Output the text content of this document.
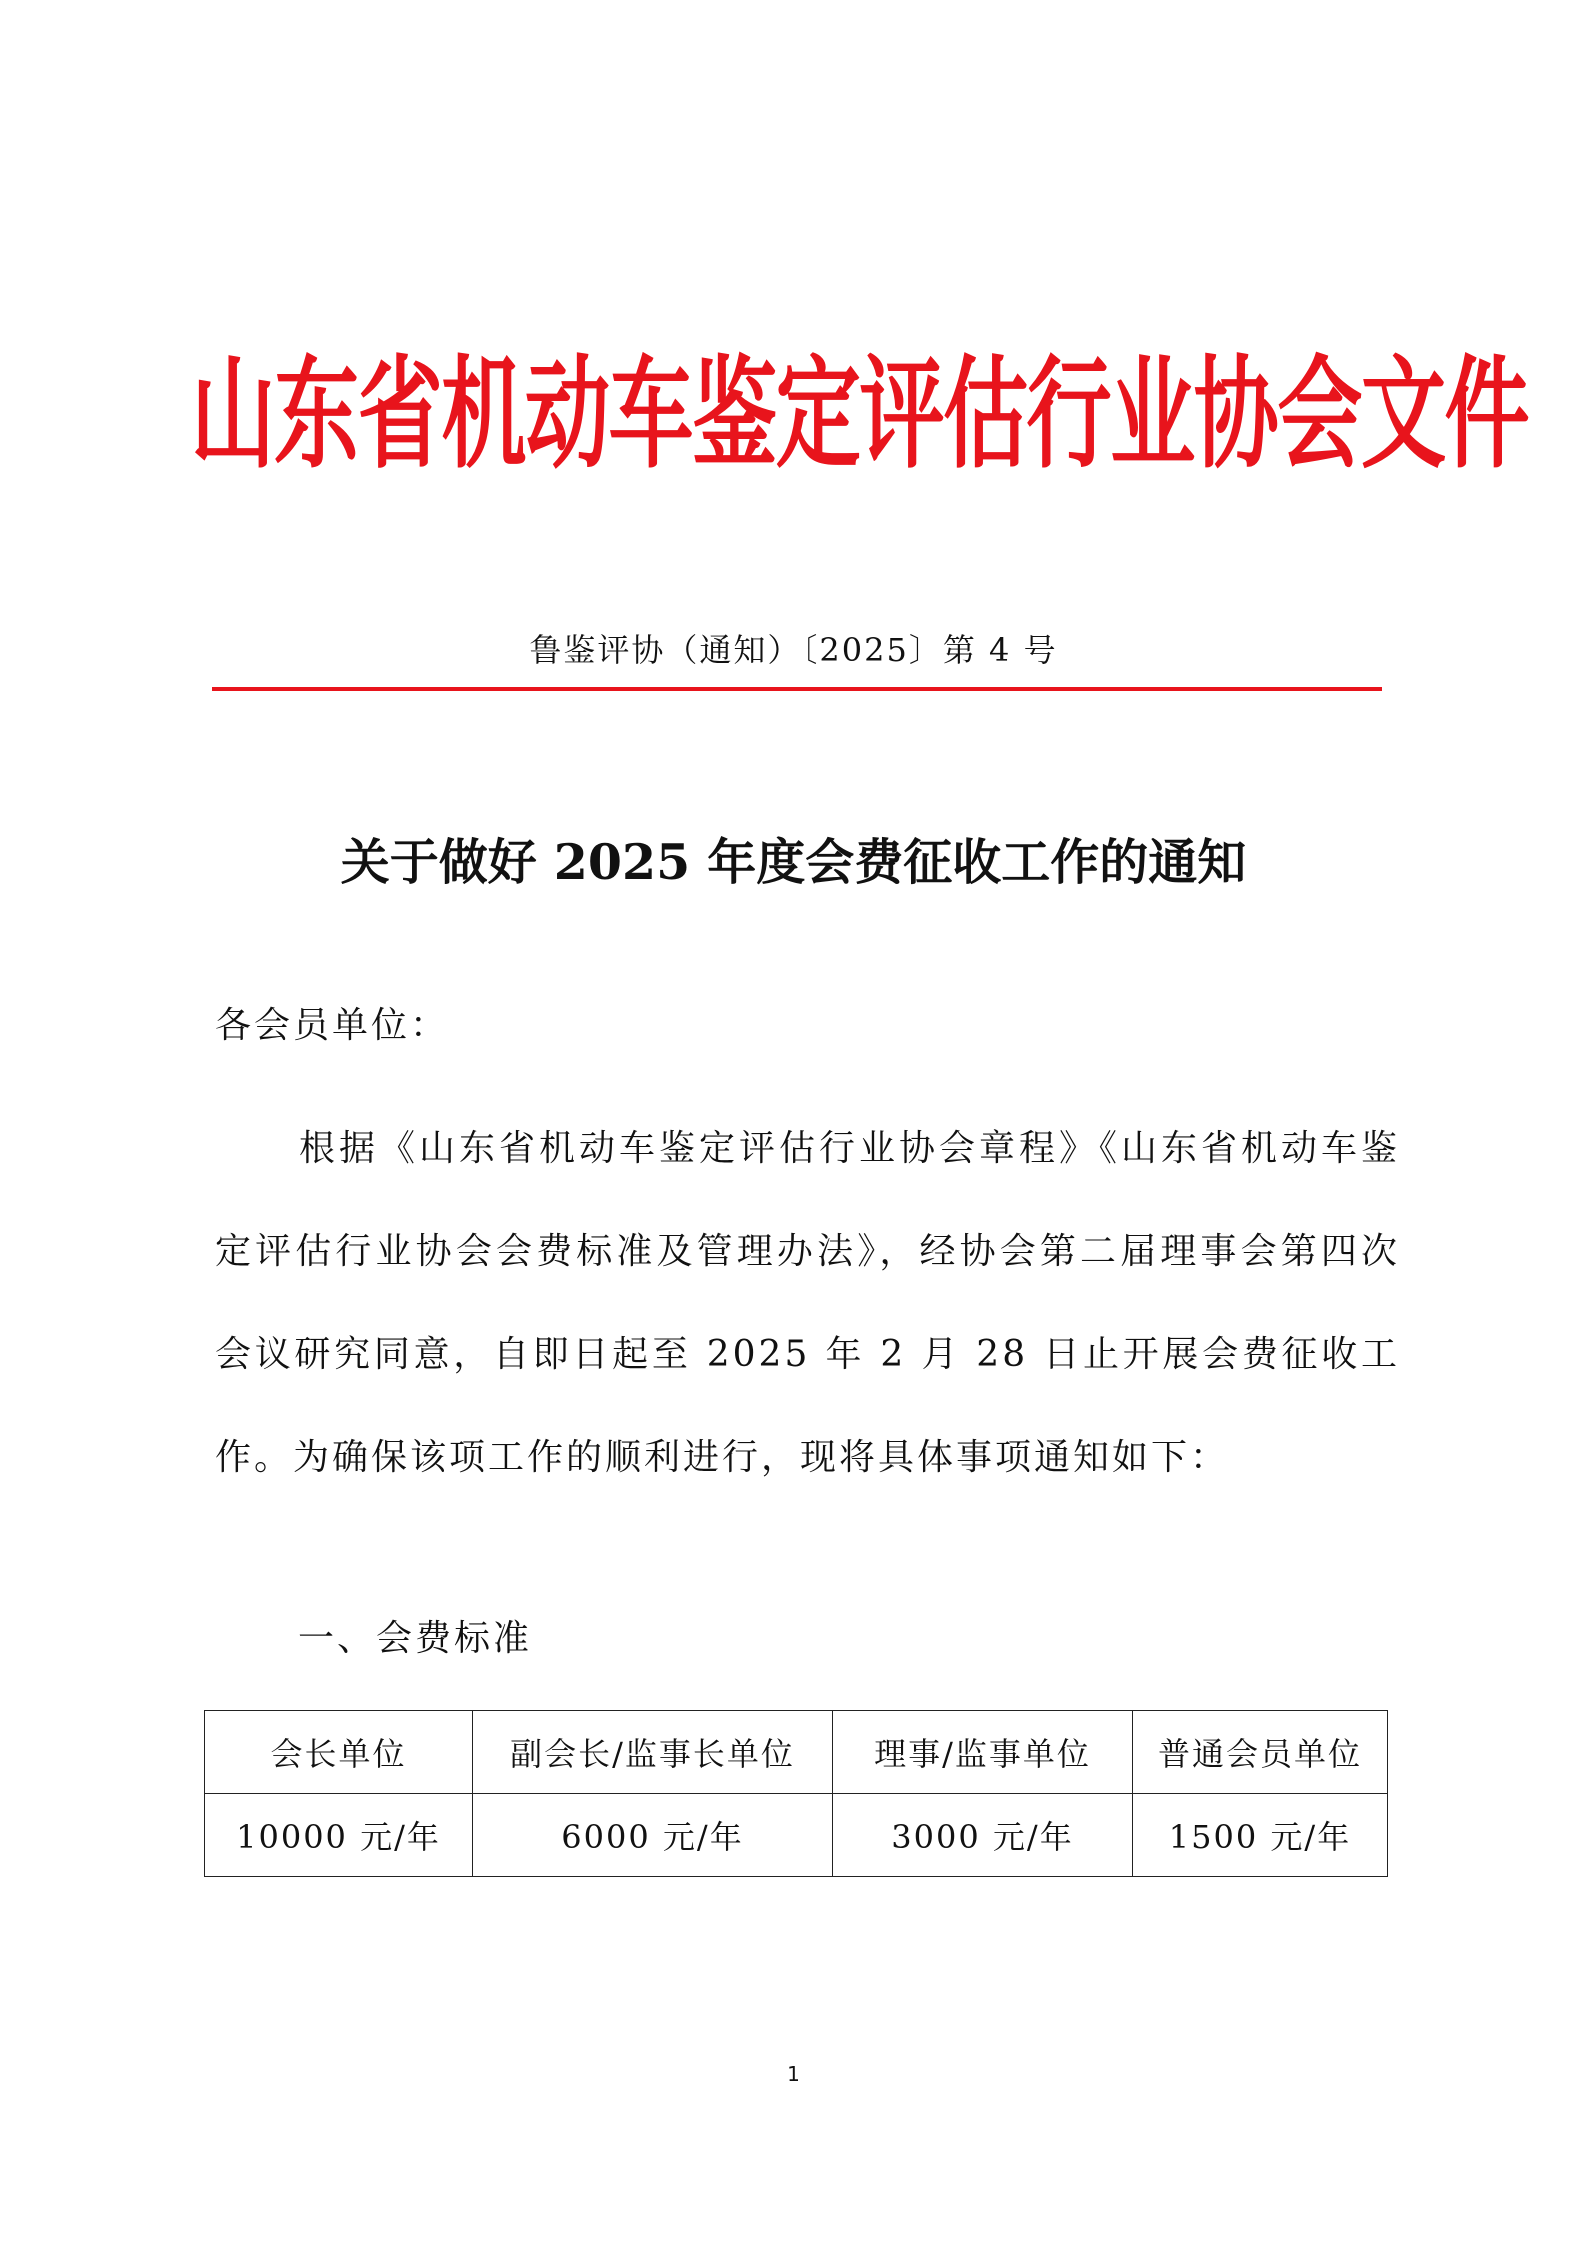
山东省机动车鉴定评估行业协会文件
鲁鉴评协（通知）〔2025〕第 4 号
关于做好 2025 年度会费征收工作的通知
各会员单位：

根据《山东省机动车鉴定评估行业协会章程》《山东省机动车鉴定评估行业协会会费标准及管理办法》，经协会第二届理事会第四次会议研究同意，自即日起至 2025 年 2 月 28 日止开展会费征收工作。为确保该项工作的顺利进行，现将具体事项通知如下：

一、会费标准
会长单位	副会长/监事长单位	理事/监事单位	普通会员单位
10000 元/年	6000 元/年	3000 元/年	1500 元/年
1
